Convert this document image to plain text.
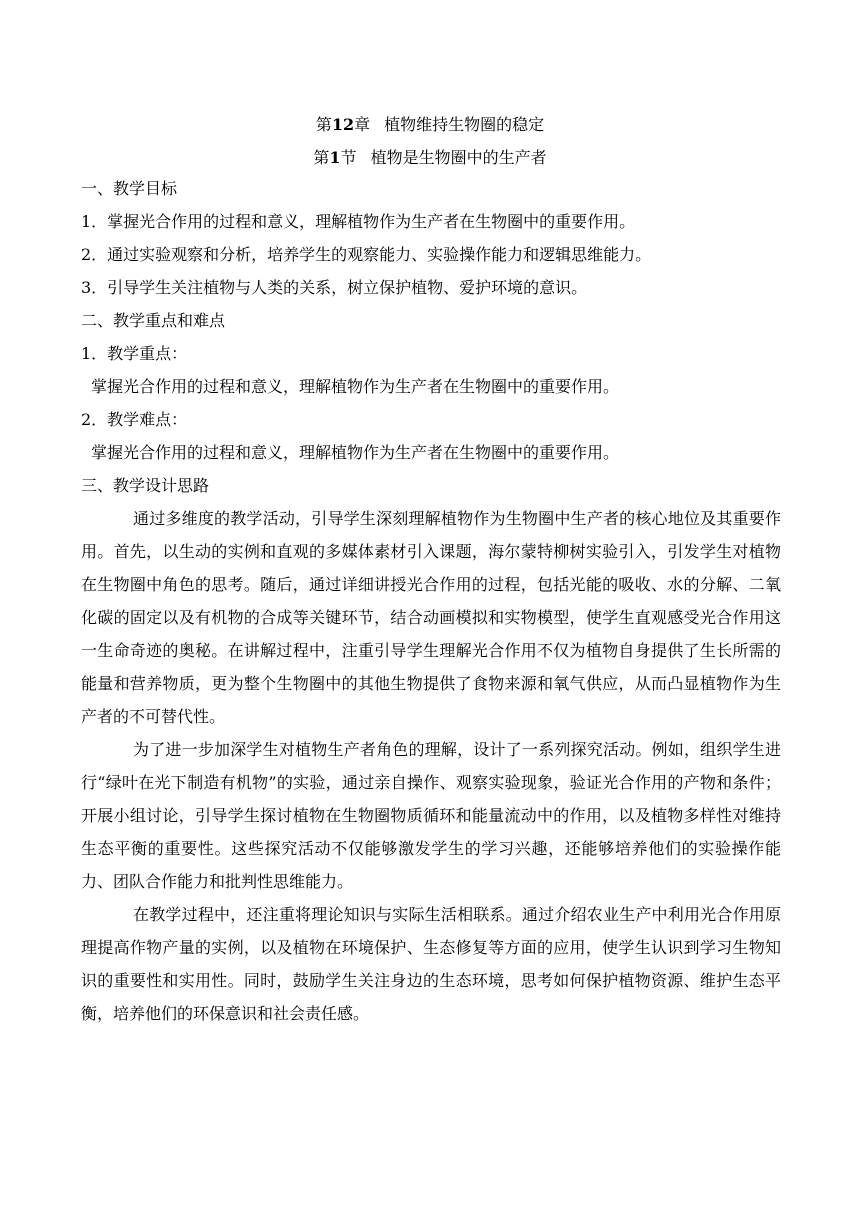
第12章 植物维持生物圈的稳定
第1节 植物是生物圈中的生产者
一、教学目标
1．掌握光合作用的过程和意义，理解植物作为生产者在生物圈中的重要作用。
2．通过实验观察和分析，培养学生的观察能力、实验操作能力和逻辑思维能力。
3．引导学生关注植物与人类的关系，树立保护植物、爱护环境的意识。
二、教学重点和难点
1．教学重点：
掌握光合作用的过程和意义，理解植物作为生产者在生物圈中的重要作用。
2．教学难点：
掌握光合作用的过程和意义，理解植物作为生产者在生物圈中的重要作用。
三、教学设计思路

通过多维度的教学活动，引导学生深刻理解植物作为生物圈中生产者的核心地位及其重要作用。首先，以生动的实例和直观的多媒体素材引入课题，海尔蒙特柳树实验引入，引发学生对植物在生物圈中角色的思考。随后，通过详细讲授光合作用的过程，包括光能的吸收、水的分解、二氧化碳的固定以及有机物的合成等关键环节，结合动画模拟和实物模型，使学生直观感受光合作用这一生命奇迹的奥秘。在讲解过程中，注重引导学生理解光合作用不仅为植物自身提供了生长所需的能量和营养物质，更为整个生物圈中的其他生物提供了食物来源和氧气供应，从而凸显植物作为生产者的不可替代性。

为了进一步加深学生对植物生产者角色的理解，设计了一系列探究活动。例如，组织学生进行“绿叶在光下制造有机物”的实验，通过亲自操作、观察实验现象，验证光合作用的产物和条件；开展小组讨论，引导学生探讨植物在生物圈物质循环和能量流动中的作用，以及植物多样性对维持生态平衡的重要性。这些探究活动不仅能够激发学生的学习兴趣，还能够培养他们的实验操作能力、团队合作能力和批判性思维能力。

在教学过程中，还注重将理论知识与实际生活相联系。通过介绍农业生产中利用光合作用原理提高作物产量的实例，以及植物在环境保护、生态修复等方面的应用，使学生认识到学习生物知识的重要性和实用性。同时，鼓励学生关注身边的生态环境，思考如何保护植物资源、维护生态平衡，培养他们的环保意识和社会责任感。
